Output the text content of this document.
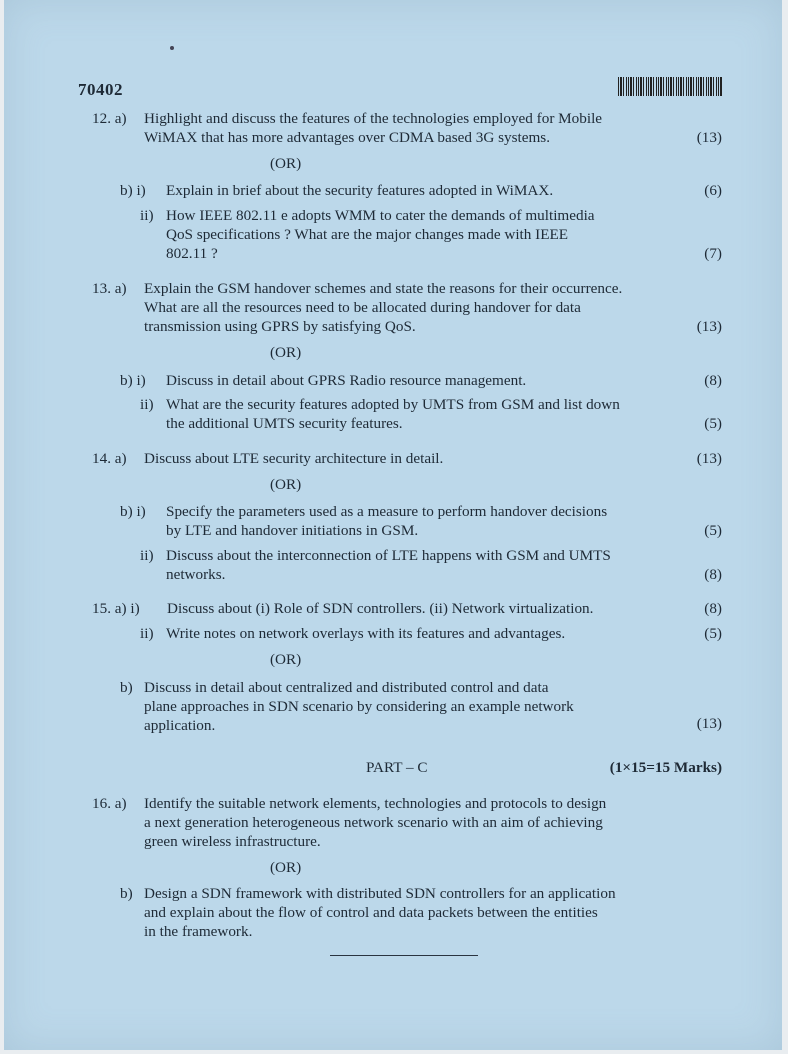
70402
12. a) Highlight and discuss the features of the technologies employed for Mobile
WiMAX that has more advantages over CDMA based 3G systems.	(13)
(OR)
b) i) Explain in brief about the security features adopted in WiMAX.	(6)
ii) How IEEE 802.11 e adopts WMM to cater the demands of multimedia
QoS specifications ? What are the major changes made with IEEE
802.11 ?	(7)
13. a) Explain the GSM handover schemes and state the reasons for their occurrence.
What are all the resources need to be allocated during handover for data
transmission using GPRS by satisfying QoS.	(13)
(OR)
b) i) Discuss in detail about GPRS Radio resource management.	(8)
ii) What are the security features adopted by UMTS from GSM and list down
the additional UMTS security features.	(5)
14. a) Discuss about LTE security architecture in detail.	(13)
(OR)
b) i) Specify the parameters used as a measure to perform handover decisions
by LTE and handover initiations in GSM.	(5)
ii) Discuss about the interconnection of LTE happens with GSM and UMTS
networks.	(8)
15. a) i) Discuss about (i) Role of SDN controllers. (ii) Network virtualization.	(8)
ii) Write notes on network overlays with its features and advantages.	(5)
(OR)
b) Discuss in detail about centralized and distributed control and data
plane approaches in SDN scenario by considering an example network
application.	(13)
PART – C	(1×15=15 Marks)
16. a) Identify the suitable network elements, technologies and protocols to design
a next generation heterogeneous network scenario with an aim of achieving
green wireless infrastructure.
(OR)
b) Design a SDN framework with distributed SDN controllers for an application
and explain about the flow of control and data packets between the entities
in the framework.
